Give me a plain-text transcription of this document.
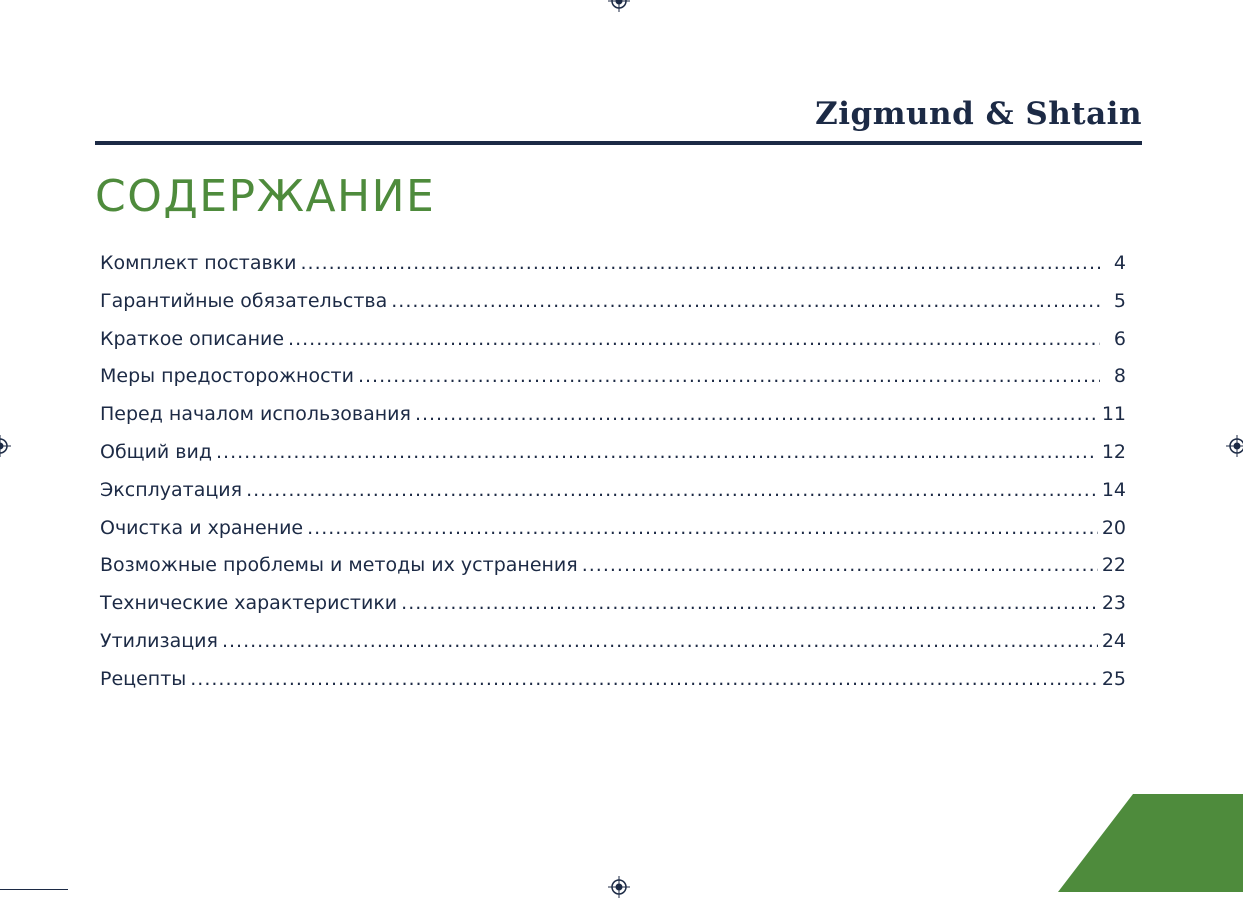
Zigmund & Shtain
СОДЕРЖАНИЕ
Комплект поставки .....	4
Гарантийные обязательства .....	5
Краткое описание .....	6
Меры предосторожности .....	8
Перед началом использования .....	11
Общий вид .....	12
Эксплуатация .....	14
Очистка и хранение .....	20
Возможные проблемы и методы их устранения .....	22
Технические характеристики .....	23
Утилизация .....	24
Рецепты .....	25
